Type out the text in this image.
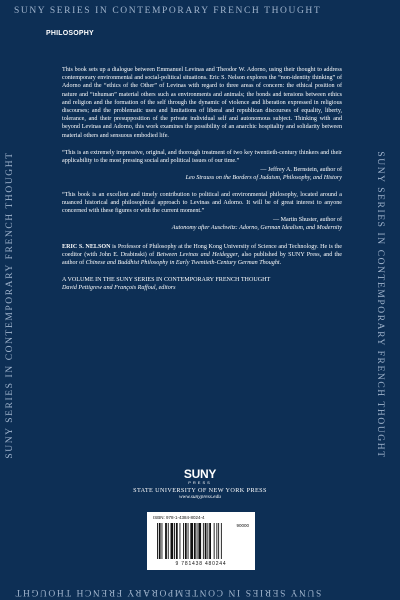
SUNY SERIES IN CONTEMPORARY FRENCH THOUGHT
SUNY SERIES IN CONTEMPORARY FRENCH THOUGHT	SUNY SERIES IN CONTEMPORARY FRENCH THOUGHT
SUNY SERIES IN CONTEMPORARY FRENCH THOUGHT
PHILOSOPHY

This book sets up a dialogue between Emmanuel Levinas and Theodor W. Adorno, using their thought to address contemporary environmental and social-political situations. Eric S. Nelson explores the “non-identity thinking” of Adorno and the “ethics of the Other” of Levinas with regard to three areas of concern: the ethical position of nature and “inhuman” material others such as environments and animals; the bonds and tensions between ethics and religion and the formation of the self through the dynamic of violence and liberation expressed in religious discourses; and the problematic uses and limitations of liberal and republican discourses of equality, liberty, tolerance, and their presupposition of the private individual self and autonomous subject. Thinking with and beyond Levinas and Adorno, this work examines the possibility of an anarchic hospitality and solidarity between material others and sensuous embodied life.

“This is an extremely impressive, original, and thorough treatment of two key twentieth-century thinkers and their applicability to the most pressing social and political issues of our time.”

— Jeffrey A. Bernstein, author of

Leo Strauss on the Borders of Judaism, Philosophy, and History

“This book is an excellent and timely contribution to political and environmental philosophy, located around a nuanced historical and philosophical approach to Levinas and Adorno. It will be of great interest to anyone concerned with these figures or with the current moment.”

— Martin Shuster, author of

Autonomy after Auschwitz: Adorno, German Idealism, and Modernity

ERIC S. NELSON is Professor of Philosophy at the Hong Kong University of Science and Technology. He is the coeditor (with John E. Drabinski) of Between Levinas and Heidegger, also published by SUNY Press, and the author of Chinese and Buddhist Philosophy in Early Twentieth-Century German Thought.

A VOLUME IN THE SUNY SERIES IN CONTEMPORARY FRENCH THOUGHT

David Pettigrew and François Raffoul, editors

SUNY
PRESS
STATE UNIVERSITY OF NEW YORK PRESS
www.sunypress.edu
ISBN: 978-1-4384-8024-4
90000
9 781438 480244
